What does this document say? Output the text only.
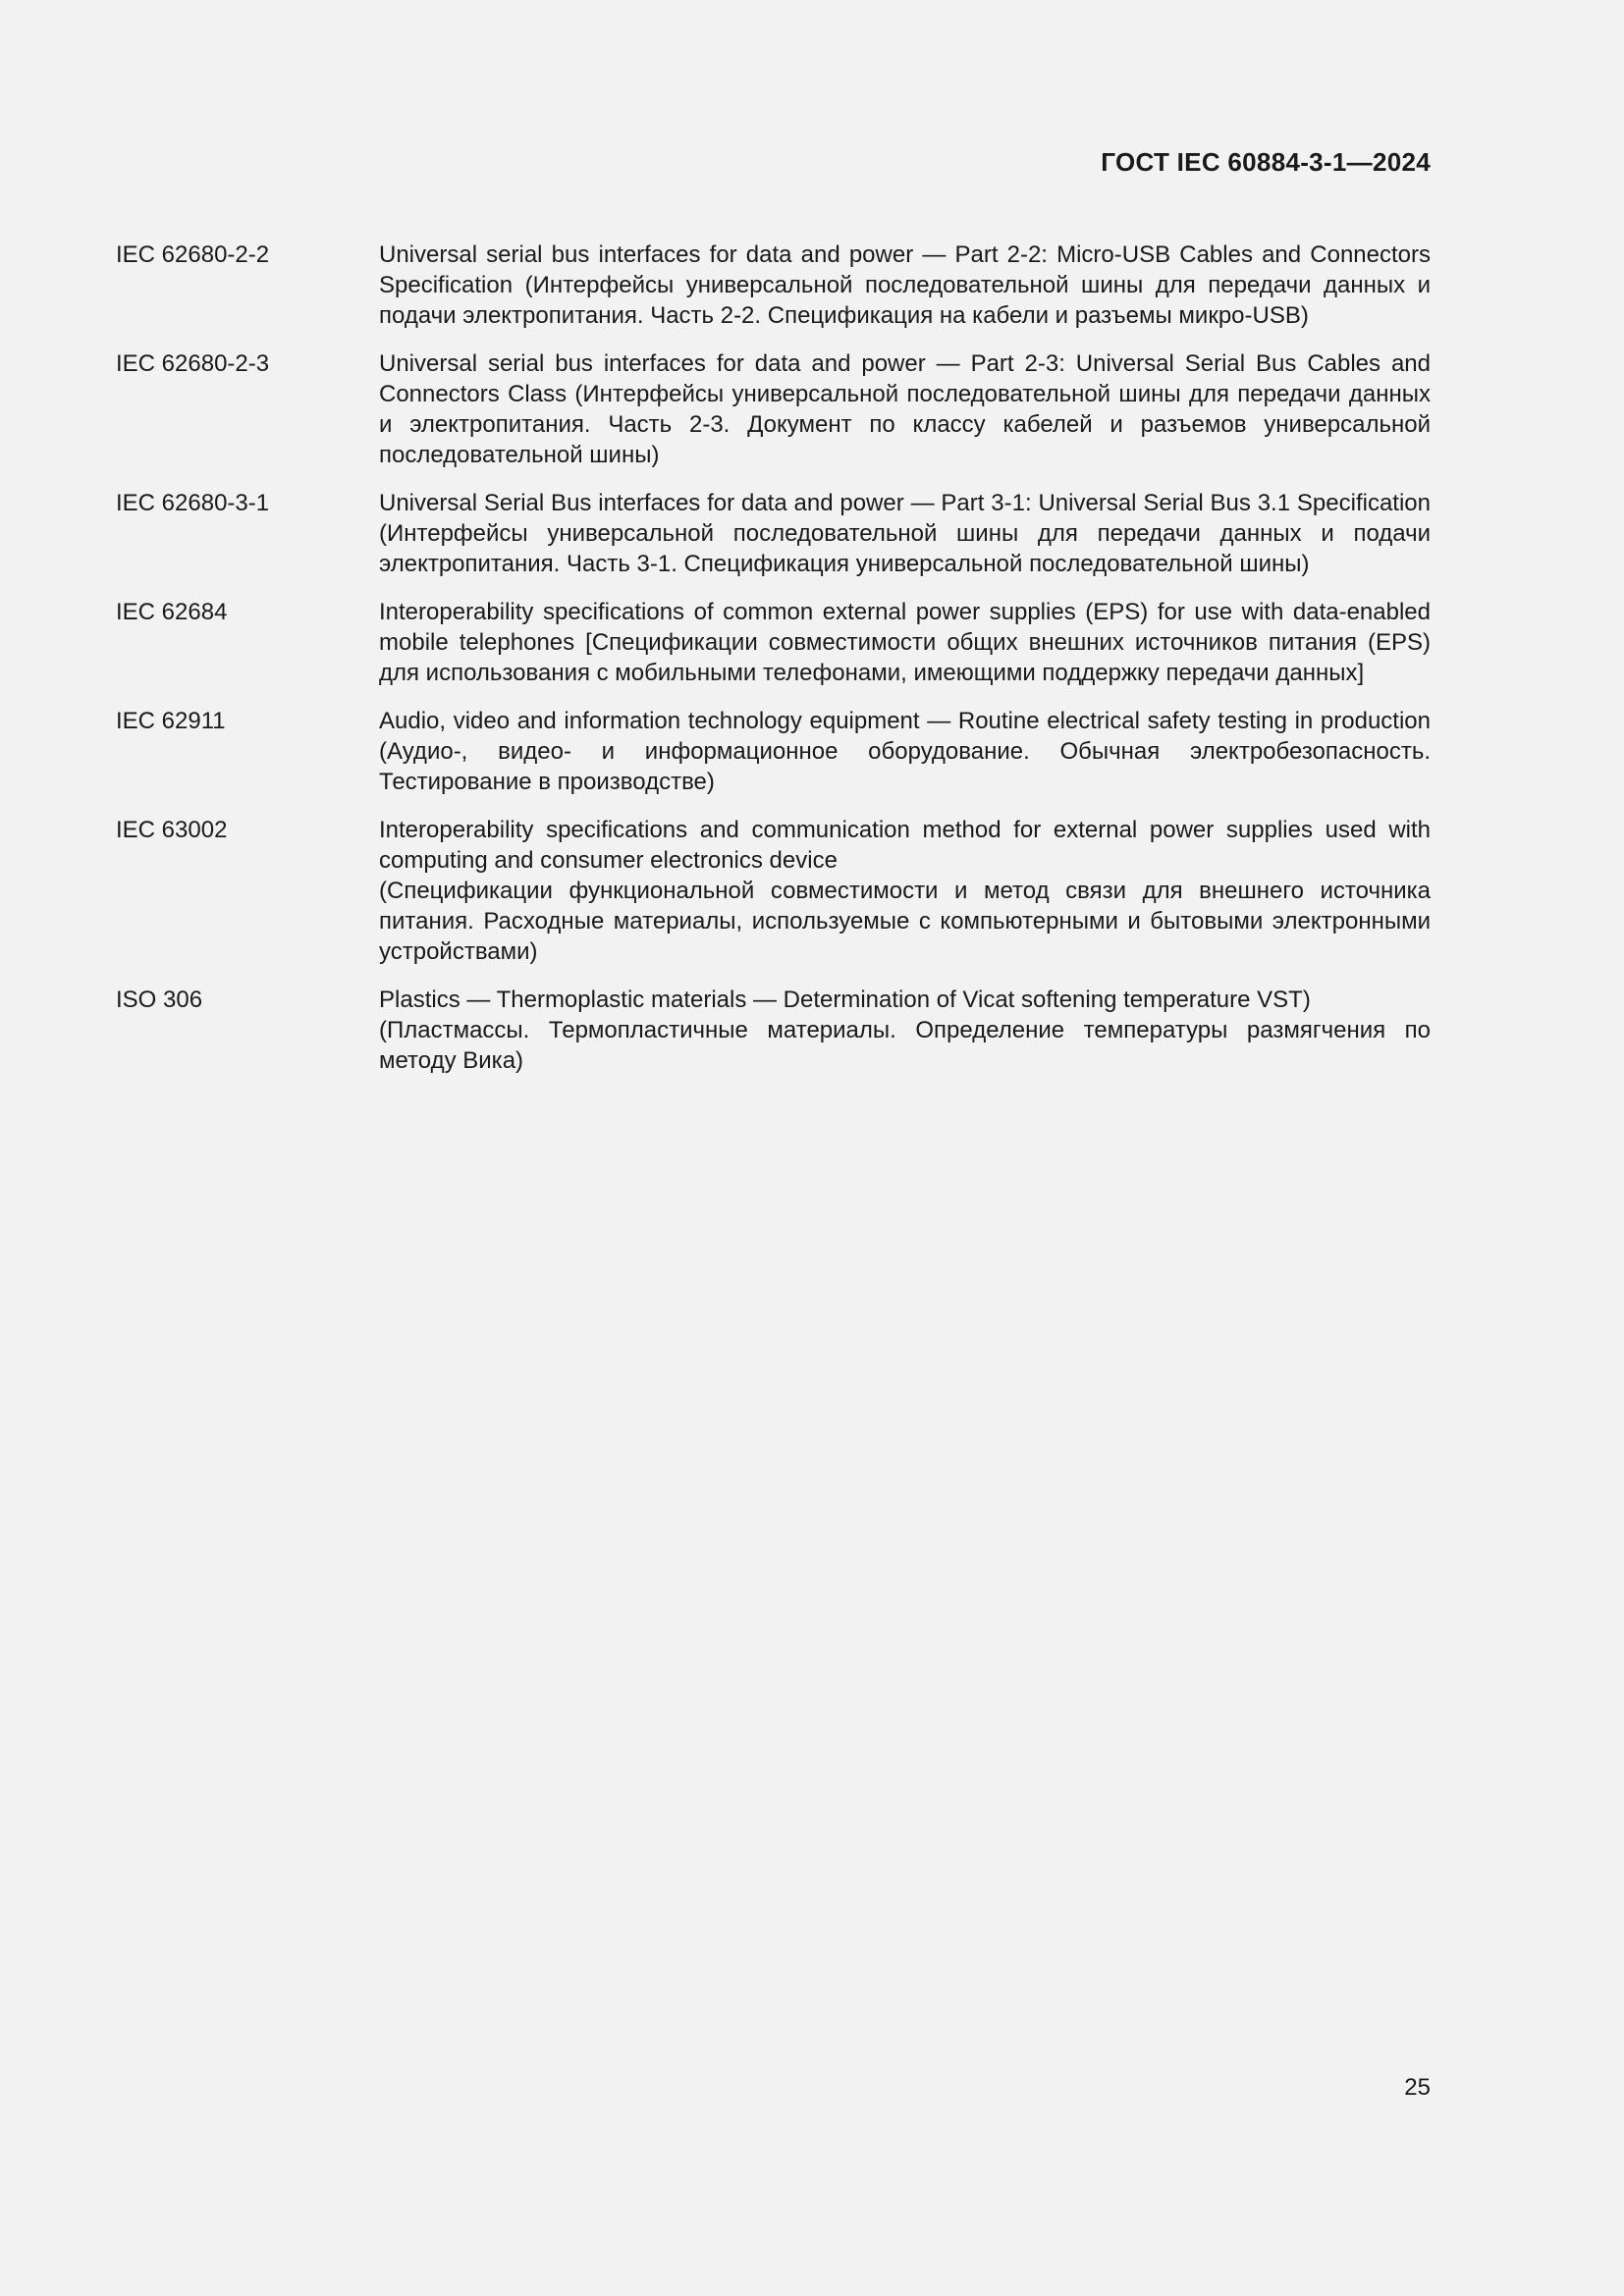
ГОСТ IEC 60884-3-1—2024
IEC 62680-2-2	Universal serial bus interfaces for data and power — Part 2-2: Micro-USB Cables and Connectors Specification (Интерфейсы универсальной последовательной шины для передачи данных и подачи электропитания. Часть 2-2. Спецификация на кабели и разъемы микро-USB)

IEC 62680-2-3	Universal serial bus interfaces for data and power — Part 2-3: Universal Serial Bus Cables and Connectors Class (Интерфейсы универсальной последовательной шины для передачи данных и электропитания. Часть 2-3. Документ по классу кабелей и разъемов универсальной последовательной шины)

IEC 62680-3-1	Universal Serial Bus interfaces for data and power — Part 3-1: Universal Serial Bus 3.1 Specification (Интерфейсы универсальной последовательной шины для передачи данных и подачи электропитания. Часть 3-1. Спецификация универсальной последовательной шины)

IEC 62684	Interoperability specifications of common external power supplies (EPS) for use with data-enabled mobile telephones [Спецификации совместимости общих внешних источников питания (EPS) для использования с мобильными телефонами, имеющими поддержку передачи данных]

IEC 62911	Audio, video and information technology equipment — Routine electrical safety testing in production (Аудио-, видео- и информационное оборудование. Обычная электробезопасность. Тестирование в производстве)

IEC 63002	Interoperability specifications and communication method for external power supplies used with computing and consumer electronics device

(Спецификации функциональной совместимости и метод связи для внешнего источника питания. Расходные материалы, используемые с компьютерными и бытовыми электронными устройствами)

ISO 306	Plastics — Thermoplastic materials — Determination of Vicat softening temperature VST)

(Пластмассы. Термопластичные материалы. Определение температуры размягчения по методу Вика)

25
